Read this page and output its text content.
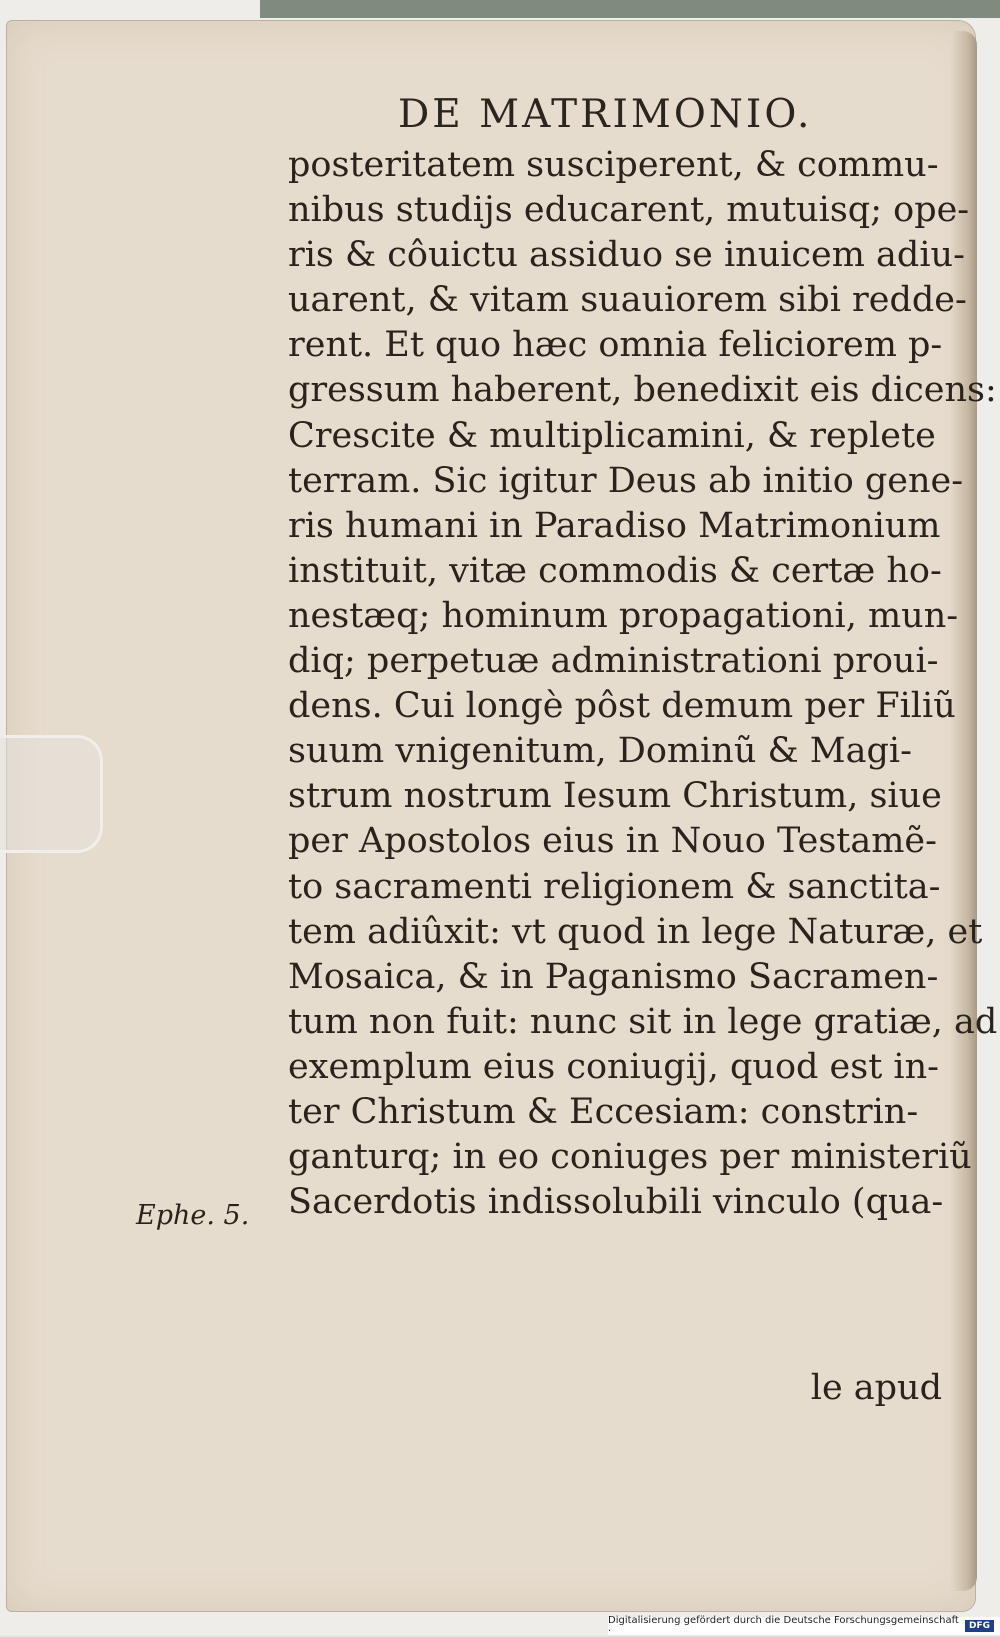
DE MATRIMONIO.
posteritatem susciperent, & commu-
nibus studijs educarent, mutuisq; ope-
ris & côuictu assiduo se inuicem adiu-
uarent, & vitam suauiorem sibi redde-
rent. Et quo hæc omnia feliciorem p-
gressum haberent, benedixit eis dicens:
Crescite & multiplicamini, & replete
terram. Sic igitur Deus ab initio gene-
ris humani in Paradiso Matrimonium
instituit, vitæ commodis & certæ ho-
nestæq; hominum propagationi, mun-
diq; perpetuæ administrationi proui-
dens. Cui longè pôst demum per Filiũ
suum vnigenitum, Dominũ & Magi-
strum nostrum Iesum Christum, siue
per Apostolos eius in Nouo Testamẽ-
to sacramenti religionem & sanctita-
tem adiûxit: vt quod in lege Naturæ, et
Mosaica, & in Paganismo Sacramen-
tum non fuit: nunc sit in lege gratiæ, ad
exemplum eius coniugij, quod est in-
ter Christum & Eccesiam: constrin-
ganturq; in eo coniuges per ministeriũ
Sacerdotis indissolubili vinculo (qua-
Ephe. 5.
le apud
Digitalisierung gefördert durch die Deutsche Forschungsgemeinschaft ·	DFG
